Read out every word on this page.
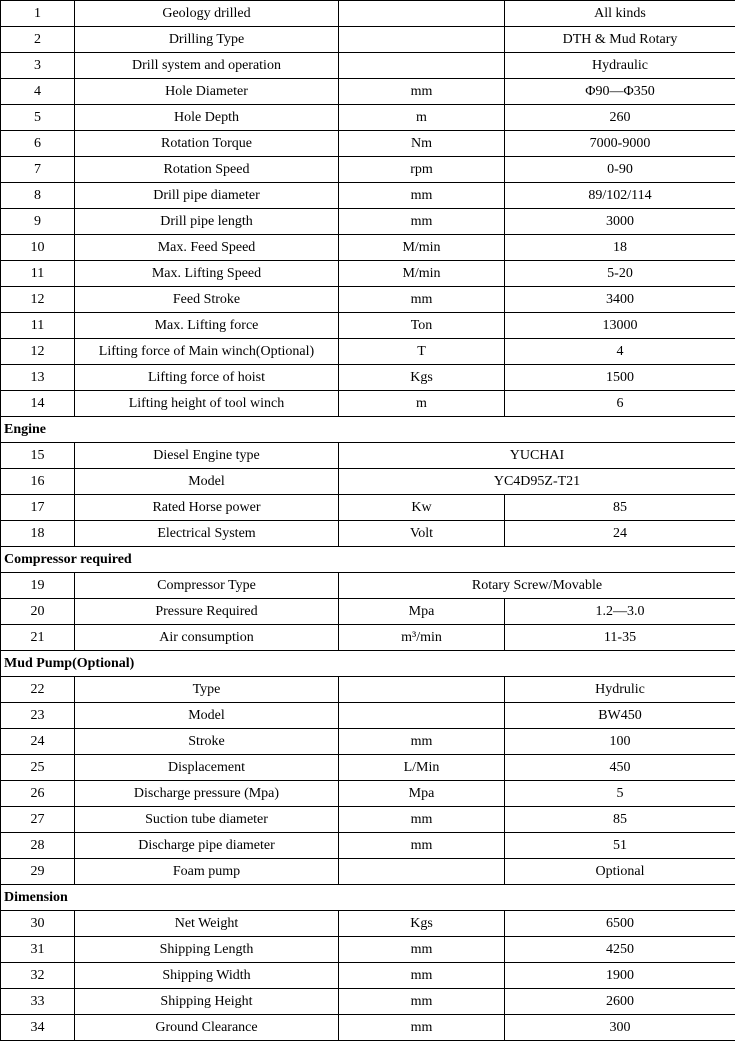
1	Geology drilled		All kinds
2	Drilling Type		DTH & Mud Rotary
3	Drill system and operation		Hydraulic
4	Hole Diameter	mm	Φ90—Φ350
5	Hole Depth	m	260
6	Rotation Torque	Nm	7000-9000
7	Rotation Speed	rpm	0-90
8	Drill pipe diameter	mm	89/102/114
9	Drill pipe length	mm	3000
10	Max. Feed Speed	M/min	18
11	Max. Lifting Speed	M/min	5-20
12	Feed Stroke	mm	3400
11	Max. Lifting force	Ton	13000
12	Lifting force of Main winch(Optional)	T	4
13	Lifting force of hoist	Kgs	1500
14	Lifting height of tool winch	m	6
Engine			
15	Diesel Engine type	YUCHAI	
16	Model	YC4D95Z-T21	
17	Rated Horse power	Kw	85
18	Electrical System	Volt	24
Compressor required			
19	Compressor Type	Rotary Screw/Movable	
20	Pressure Required	Mpa	1.2—3.0
21	Air consumption	m³/min	11-35
Mud Pump(Optional)			
22	Type		Hydrulic
23	Model		BW450
24	Stroke	mm	100
25	Displacement	L/Min	450
26	Discharge pressure (Mpa)	Mpa	5
27	Suction tube diameter	mm	85
28	Discharge pipe diameter	mm	51
29	Foam pump		Optional
Dimension			
30	Net Weight	Kgs	6500
31	Shipping Length	mm	4250
32	Shipping Width	mm	1900
33	Shipping Height	mm	2600
34	Ground Clearance	mm	300
